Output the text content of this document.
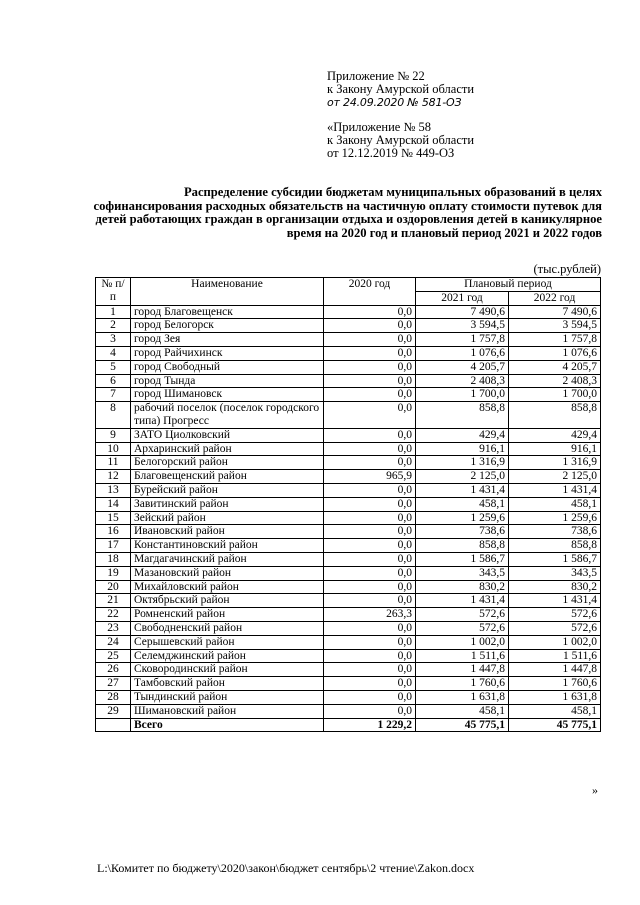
Приложение № 22
к Закону Амурской области
от 24.09.2020 № 581-ОЗ
«Приложение № 58
к Закону Амурской области
от 12.12.2019 № 449-ОЗ
Распределение субсидии бюджетам муниципальных образований в целях софинансирования расходных обязательств на частичную оплату стоимости путевок для детей работающих граждан в организации отдыха и оздоровления детей в каникулярное время на 2020 год и плановый период 2021 и 2022 годов
(тыс.рублей)
№ п/п	Наименование	2020 год	Плановый период	
			2021 год	2022 год
1	город Благовещенск	0,0	7 490,6	7 490,6
2	город Белогорск	0,0	3 594,5	3 594,5
3	город Зея	0,0	1 757,8	1 757,8
4	город Райчихинск	0,0	1 076,6	1 076,6
5	город Свободный	0,0	4 205,7	4 205,7
6	город Тында	0,0	2 408,3	2 408,3
7	город Шимановск	0,0	1 700,0	1 700,0
8	рабочий поселок (поселок городского типа) Прогресс	0,0	858,8	858,8
9	ЗАТО Циолковский	0,0	429,4	429,4
10	Архаринский район	0,0	916,1	916,1
11	Белогорский район	0,0	1 316,9	1 316,9
12	Благовещенский район	965,9	2 125,0	2 125,0
13	Бурейский район	0,0	1 431,4	1 431,4
14	Завитинский район	0,0	458,1	458,1
15	Зейский район	0,0	1 259,6	1 259,6
16	Ивановский район	0,0	738,6	738,6
17	Константиновский район	0,0	858,8	858,8
18	Магдагачинский район	0,0	1 586,7	1 586,7
19	Мазановский район	0,0	343,5	343,5
20	Михайловский район	0,0	830,2	830,2
21	Октябрьский район	0,0	1 431,4	1 431,4
22	Ромненский район	263,3	572,6	572,6
23	Свободненский район	0,0	572,6	572,6
24	Серышевский район	0,0	1 002,0	1 002,0
25	Селемджинский район	0,0	1 511,6	1 511,6
26	Сковородинский район	0,0	1 447,8	1 447,8
27	Тамбовский район	0,0	1 760,6	1 760,6
28	Тындинский район	0,0	1 631,8	1 631,8
29	Шимановский район	0,0	458,1	458,1
	Всего	1 229,2	45 775,1	45 775,1
»
L:\Комитет по бюджету\2020\закон\бюджет сентябрь\2 чтение\Zakon.docx
